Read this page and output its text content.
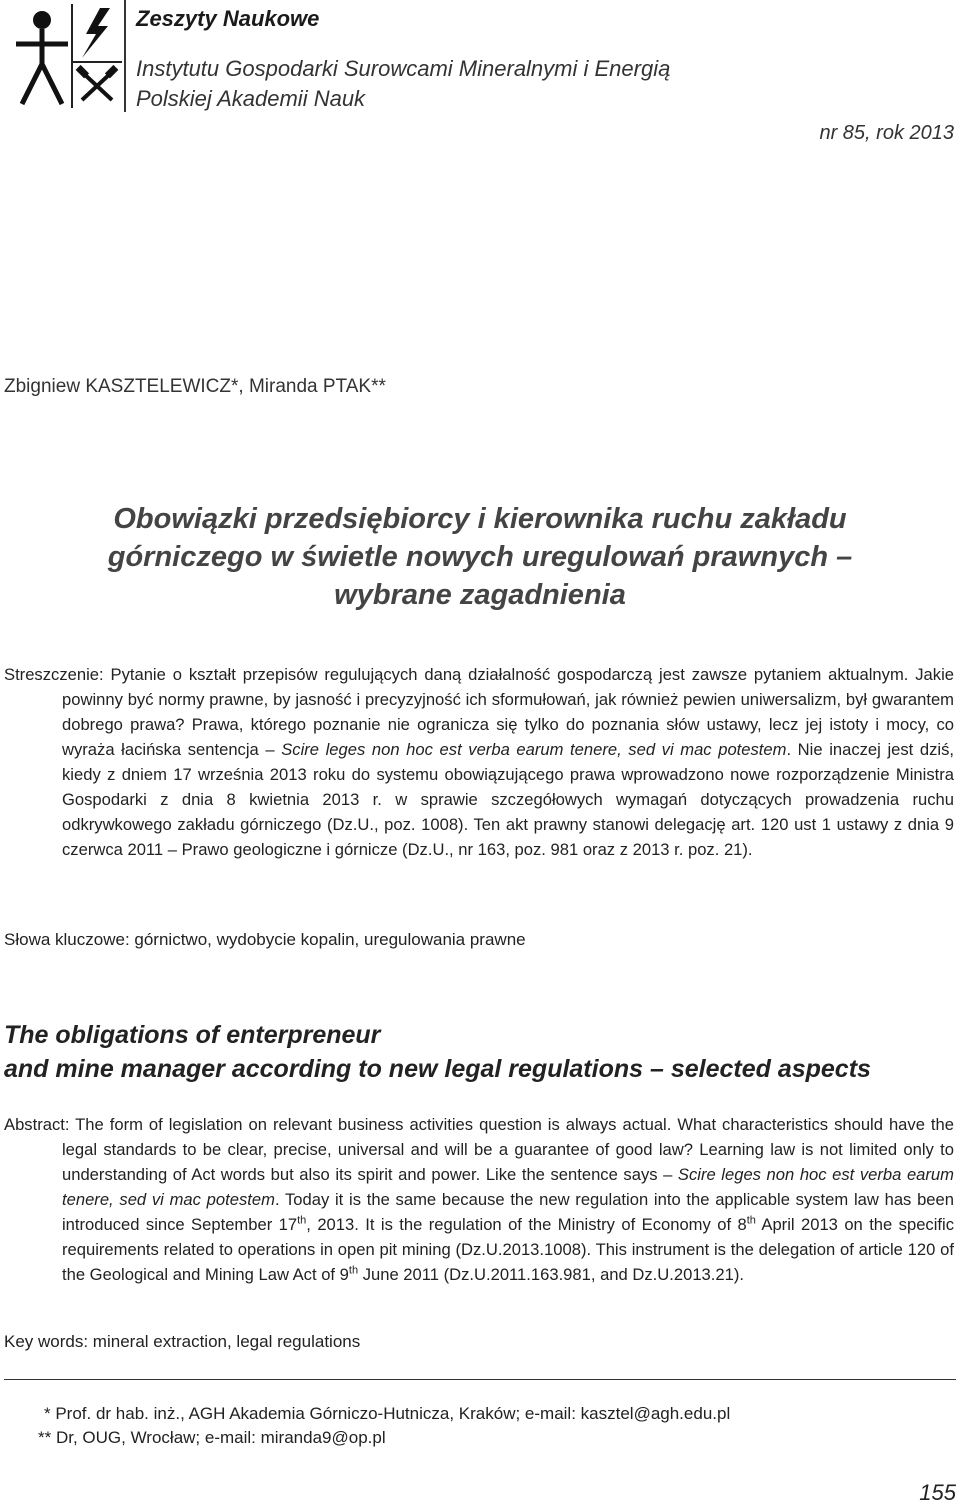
Zeszyty Naukowe
Instytutu Gospodarki Surowcami Mineralnymi i Energią
Polskiej Akademii Nauk
nr 85, rok 2013
Zbigniew KASZTELEWICZ*, Miranda PTAK**
Obowiązki przedsiębiorcy i kierownika ruchu zakładu
górniczego w świetle nowych uregulowań prawnych –
wybrane zagadnienia
Streszczenie: Pytanie o kształt przepisów regulujących daną działalność gospodarczą jest zawsze pytaniem aktualnym. Jakie powinny być normy prawne, by jasność i precyzyjność ich sformułowań, jak również pewien uniwersalizm, był gwarantem dobrego prawa? Prawa, którego poznanie nie ogranicza się tylko do poznania słów ustawy, lecz jej istoty i mocy, co wyraża łacińska sentencja – Scire leges non hoc est verba earum tenere, sed vi mac potestem. Nie inaczej jest dziś, kiedy z dniem 17 września 2013 roku do systemu obowiązującego prawa wprowadzono nowe rozporządzenie Ministra Gospodarki z dnia 8 kwietnia 2013 r. w sprawie szczegółowych wymagań dotyczących prowadzenia ruchu odkrywkowego zakładu górniczego (Dz.U., poz. 1008). Ten akt prawny stanowi delegację art. 120 ust 1 ustawy z dnia 9 czerwca 2011 – Prawo geologiczne i górnicze (Dz.U., nr 163, poz. 981 oraz z 2013 r. poz. 21).
Słowa kluczowe: górnictwo, wydobycie kopalin, uregulowania prawne
The obligations of enterpreneur
and mine manager according to new legal regulations – selected aspects
Abstract: The form of legislation on relevant business activities question is always actual. What characteristics should have the legal standards to be clear, precise, universal and will be a guarantee of good law? Learning law is not limited only to understanding of Act words but also its spirit and power. Like the sentence says – Scire leges non hoc est verba earum tenere, sed vi mac potestem. Today it is the same because the new regulation into the applicable system law has been introduced since September 17th, 2013. It is the regulation of the Ministry of Economy of 8th April 2013 on the specific requirements related to operations in open pit mining (Dz.U.2013.1008). This instrument is the delegation of article 120 of the Geological and Mining Law Act of 9th June 2011 (Dz.U.2011.163.981, and Dz.U.2013.21).
Key words: mineral extraction, legal regulations
* Prof. dr hab. inż., AGH Akademia Górniczo-Hutnicza, Kraków; e-mail: kasztel@agh.edu.pl
** Dr, OUG, Wrocław; e-mail: miranda9@op.pl
155
